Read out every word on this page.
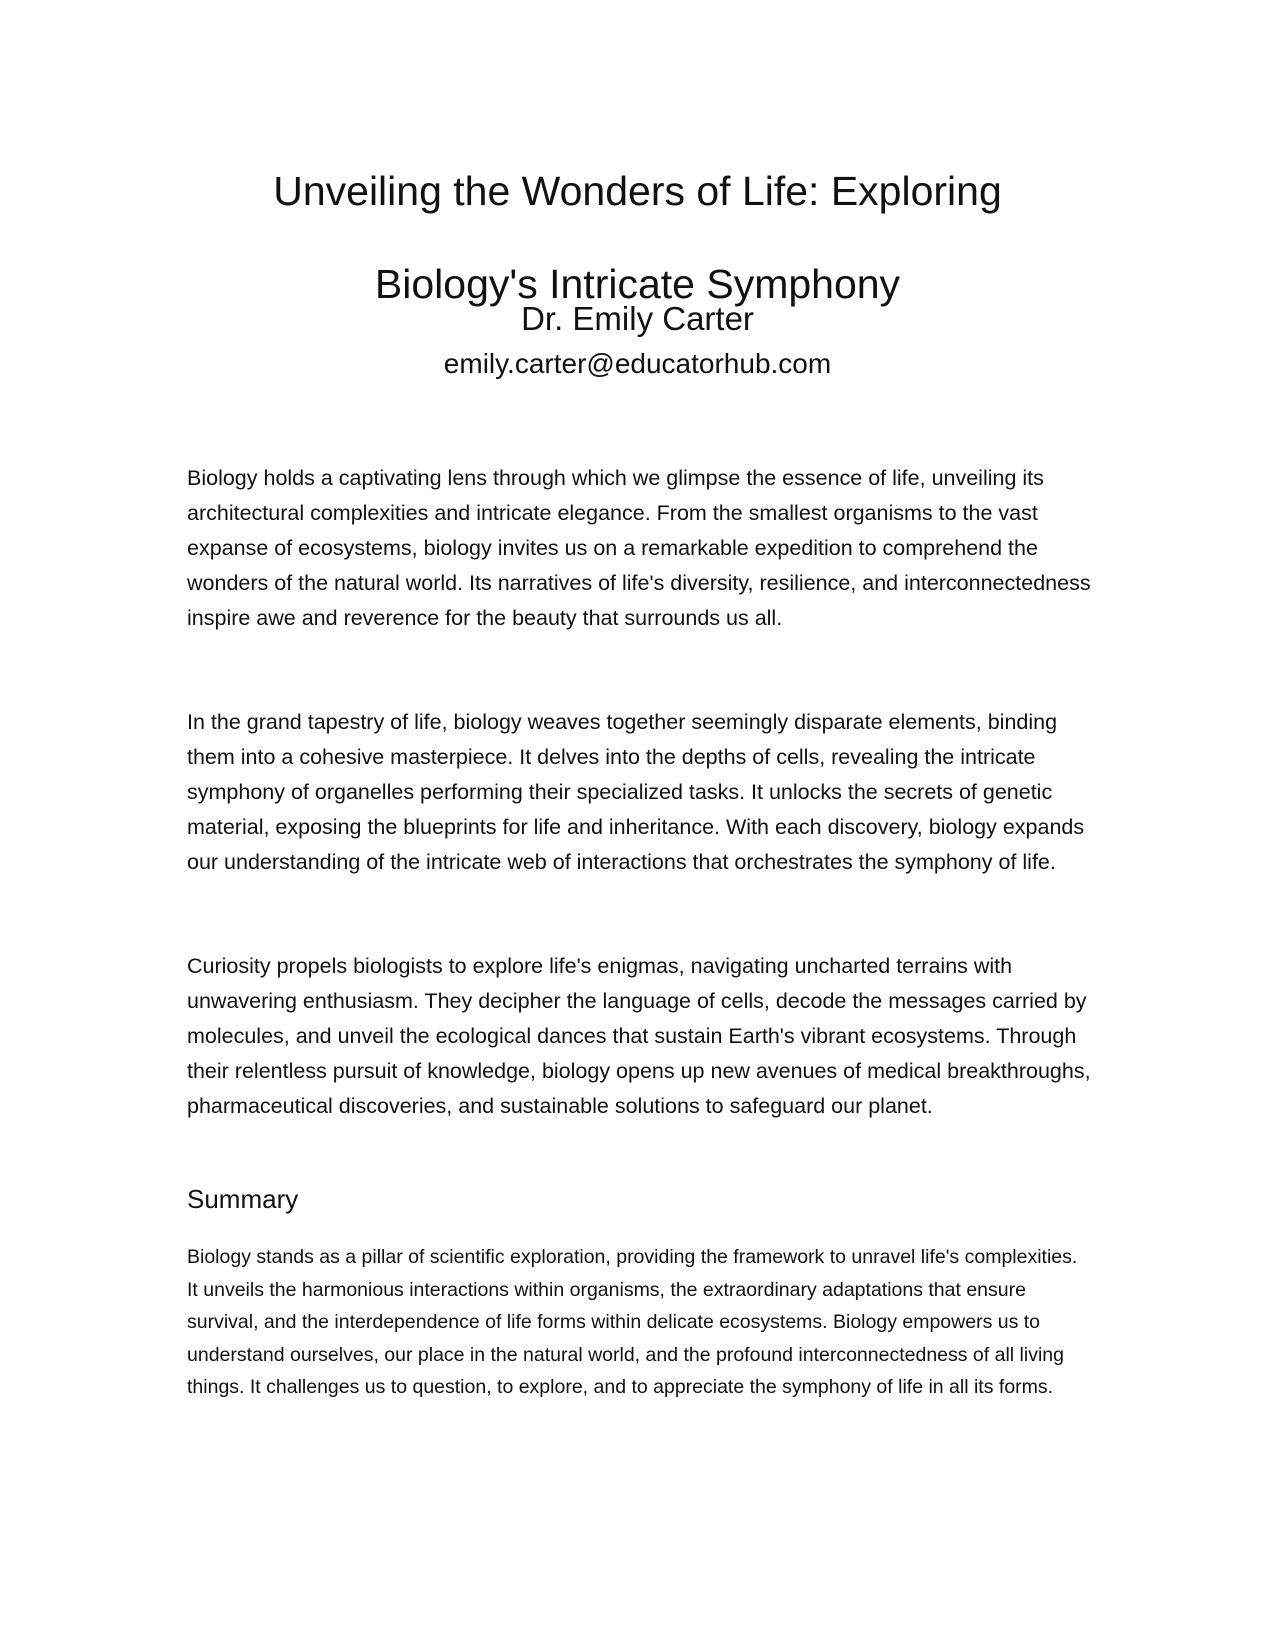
Unveiling the Wonders of Life: Exploring Biology's Intricate Symphony
Dr. Emily Carter
emily.carter@educatorhub.com

Biology holds a captivating lens through which we glimpse the essence of life, unveiling its architectural complexities and intricate elegance. From the smallest organisms to the vast expanse of ecosystems, biology invites us on a remarkable expedition to comprehend the wonders of the natural world. Its narratives of life's diversity, resilience, and interconnectedness inspire awe and reverence for the beauty that surrounds us all.

In the grand tapestry of life, biology weaves together seemingly disparate elements, binding them into a cohesive masterpiece. It delves into the depths of cells, revealing the intricate symphony of organelles performing their specialized tasks. It unlocks the secrets of genetic material, exposing the blueprints for life and inheritance. With each discovery, biology expands our understanding of the intricate web of interactions that orchestrates the symphony of life.

Curiosity propels biologists to explore life's enigmas, navigating uncharted terrains with unwavering enthusiasm. They decipher the language of cells, decode the messages carried by molecules, and unveil the ecological dances that sustain Earth's vibrant ecosystems. Through their relentless pursuit of knowledge, biology opens up new avenues of medical breakthroughs, pharmaceutical discoveries, and sustainable solutions to safeguard our planet.

Summary

Biology stands as a pillar of scientific exploration, providing the framework to unravel life's complexities. It unveils the harmonious interactions within organisms, the extraordinary adaptations that ensure survival, and the interdependence of life forms within delicate ecosystems. Biology empowers us to understand ourselves, our place in the natural world, and the profound interconnectedness of all living things. It challenges us to question, to explore, and to appreciate the symphony of life in all its forms.
